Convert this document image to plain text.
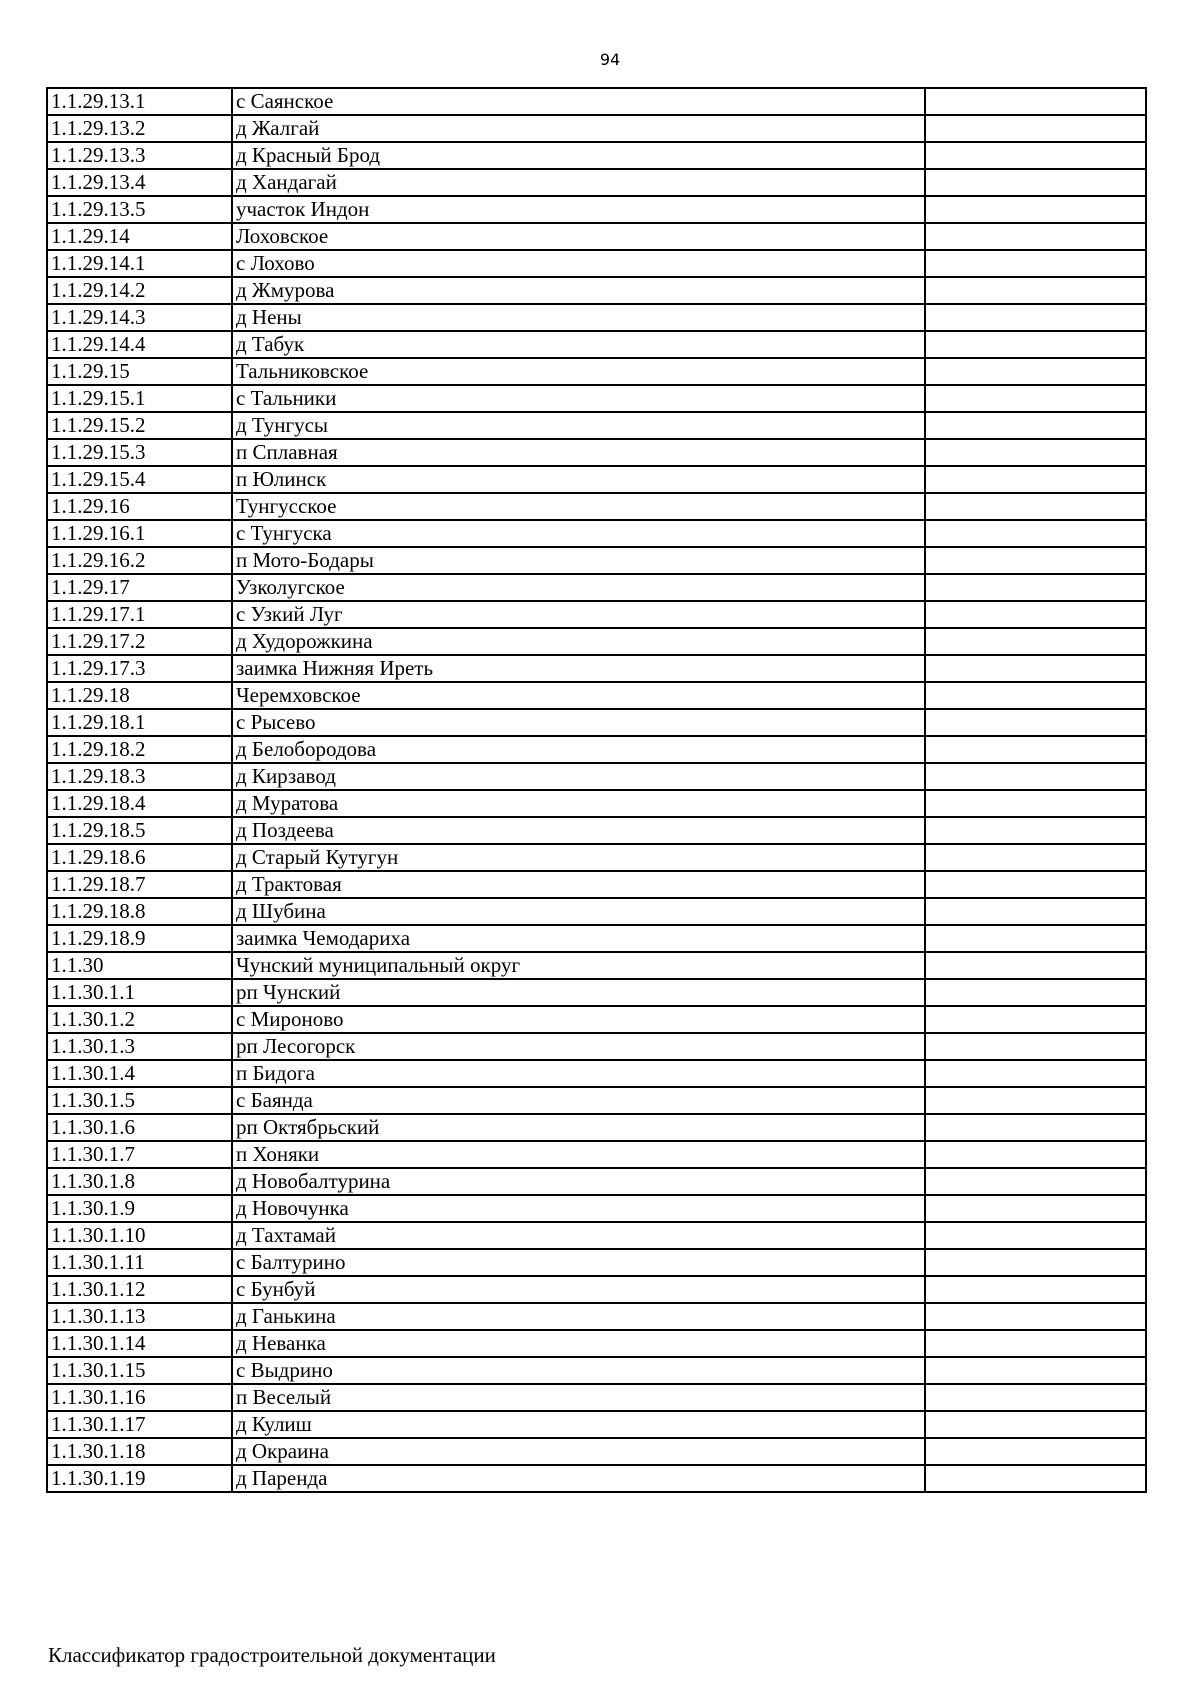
94
1.1.29.13.1	с Саянское	
1.1.29.13.2	д Жалгай	
1.1.29.13.3	д Красный Брод	
1.1.29.13.4	д Хандагай	
1.1.29.13.5	участок Индон	
1.1.29.14	Лоховское	
1.1.29.14.1	с Лохово	
1.1.29.14.2	д Жмурова	
1.1.29.14.3	д Нены	
1.1.29.14.4	д Табук	
1.1.29.15	Тальниковское	
1.1.29.15.1	с Тальники	
1.1.29.15.2	д Тунгусы	
1.1.29.15.3	п Сплавная	
1.1.29.15.4	п Юлинск	
1.1.29.16	Тунгусское	
1.1.29.16.1	с Тунгуска	
1.1.29.16.2	п Мото-Бодары	
1.1.29.17	Узколугское	
1.1.29.17.1	с Узкий Луг	
1.1.29.17.2	д Худорожкина	
1.1.29.17.3	заимка Нижняя Ирeть	
1.1.29.18	Черемховское	
1.1.29.18.1	с Рысево	
1.1.29.18.2	д Белобородова	
1.1.29.18.3	д Кирзавод	
1.1.29.18.4	д Муратова	
1.1.29.18.5	д Поздеева	
1.1.29.18.6	д Старый Кутугун	
1.1.29.18.7	д Трактовая	
1.1.29.18.8	д Шубина	
1.1.29.18.9	заимка Чемодариха	
1.1.30	Чунский муниципальный округ	
1.1.30.1.1	рп Чунский	
1.1.30.1.2	с Мироново	
1.1.30.1.3	рп Лесогорск	
1.1.30.1.4	п Бидога	
1.1.30.1.5	с Баянда	
1.1.30.1.6	рп Октябрьский	
1.1.30.1.7	п Хоняки	
1.1.30.1.8	д Новобалтурина	
1.1.30.1.9	д Новочунка	
1.1.30.1.10	д Тахтамай	
1.1.30.1.11	с Балтурино	
1.1.30.1.12	с Бунбуй	
1.1.30.1.13	д Ганькина	
1.1.30.1.14	д Неванка	
1.1.30.1.15	с Выдрино	
1.1.30.1.16	п Веселый	
1.1.30.1.17	д Кулиш	
1.1.30.1.18	д Окраина	
1.1.30.1.19	д Паренда	
Классификатор градостроительной документации
